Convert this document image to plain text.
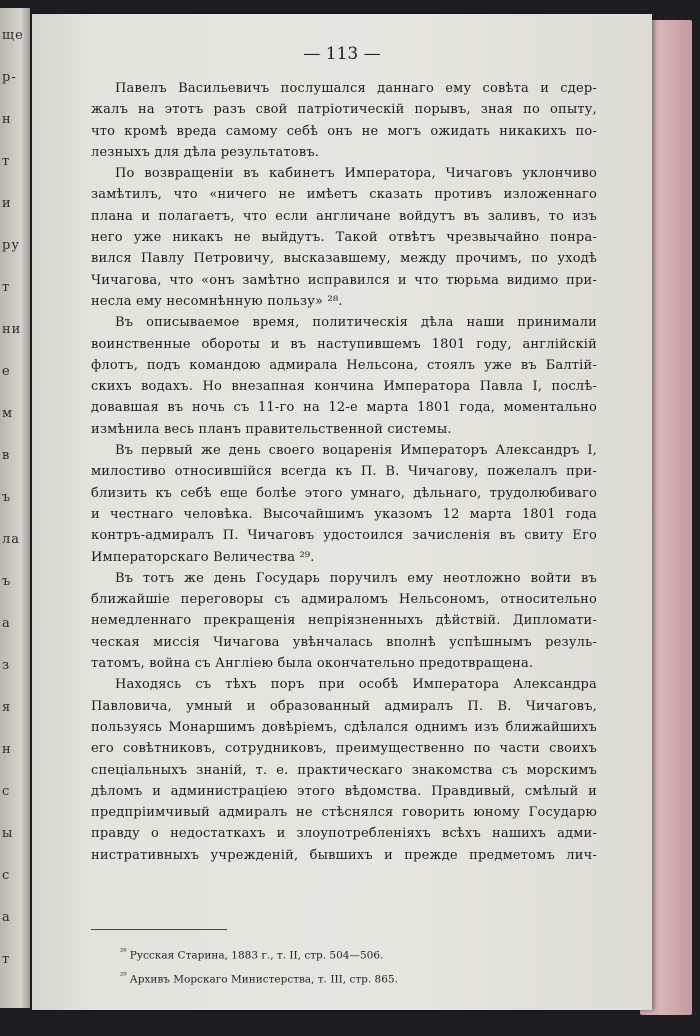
ще
р-
н
т
и
ру
т
ни
е
м
в
ъ
ла
ъ
а
з
я
н
с
ы
с
а
т
— 113 —
Павелъ Васильевичъ послушался даннаго ему совѣта и сдер-
жалъ на этотъ разъ свой патріотическій порывъ, зная по опыту,
что кромѣ вреда самому себѣ онъ не могъ ожидать никакихъ по-
лезныхъ для дѣла результатовъ.
По возвращеніи въ кабинетъ Императора, Чичаговъ уклончиво
замѣтилъ, что «ничего не имѣетъ сказать противъ изложеннаго
плана и полагаетъ, что если англичане войдутъ въ заливъ, то изъ
него уже никакъ не выйдутъ. Такой отвѣтъ чрезвычайно понра-
вился Павлу Петровичу, высказавшему, между прочимъ, по уходѣ
Чичагова, что «онъ замѣтно исправился и что тюрьма видимо при-
несла ему несомнѣнную пользу» ²⁸.
Въ описываемое время, политическія дѣла наши принимали
воинственные обороты и въ наступившемъ 1801 году, англійскій
флотъ, подъ командою адмирала Нельсона, стоялъ уже въ Балтій-
скихъ водахъ. Но внезапная кончина Императора Павла I, послѣ-
довавшая въ ночь съ 11-го на 12-е марта 1801 года, моментально
измѣнила весь планъ правительственной системы.
Въ первый же день своего воцаренія Императоръ Александръ I,
милостиво относившійся всегда къ П. В. Чичагову, пожелалъ при-
близить къ себѣ еще болѣе этого умнаго, дѣльнаго, трудолюбиваго
и честнаго человѣка. Высочайшимъ указомъ 12 марта 1801 года
контръ-адмиралъ П. Чичаговъ удостоился зачисленія въ свиту Его
Императорскаго Величества ²⁹.
Въ тотъ же день Государь поручилъ ему неотложно войти въ
ближайшіе переговоры съ адмираломъ Нельсономъ, относительно
немедленнаго прекращенія непріязненныхъ дѣйствій. Дипломати-
ческая миссія Чичагова увѣнчалась вполнѣ успѣшнымъ резуль-
татомъ, война съ Англіею была окончательно предотвращена.
Находясь съ тѣхъ поръ при особѣ Императора Александра
Павловича, умный и образованный адмиралъ П. В. Чичаговъ,
пользуясь Монаршимъ довѣріемъ, сдѣлался однимъ изъ ближайшихъ
его совѣтниковъ, сотрудниковъ, преимущественно по части своихъ
спеціальныхъ знаній, т. е. практическаго знакомства съ морскимъ
дѣломъ и администраціею этого вѣдомства. Правдивый, смѣлый и
предпріимчивый адмиралъ не стѣснялся говорить юному Государю
правду о недостаткахъ и злоупотребленіяхъ всѣхъ нашихъ адми-
нистративныхъ учрежденій, бывшихъ и прежде предметомъ лич-
$^{^{28}}$ Русская Старина, 1883 г., т. II, стр. 504—506.
$^{^{29}}$ Архивъ Морскаго Министерства, т. III, стр. 865.
